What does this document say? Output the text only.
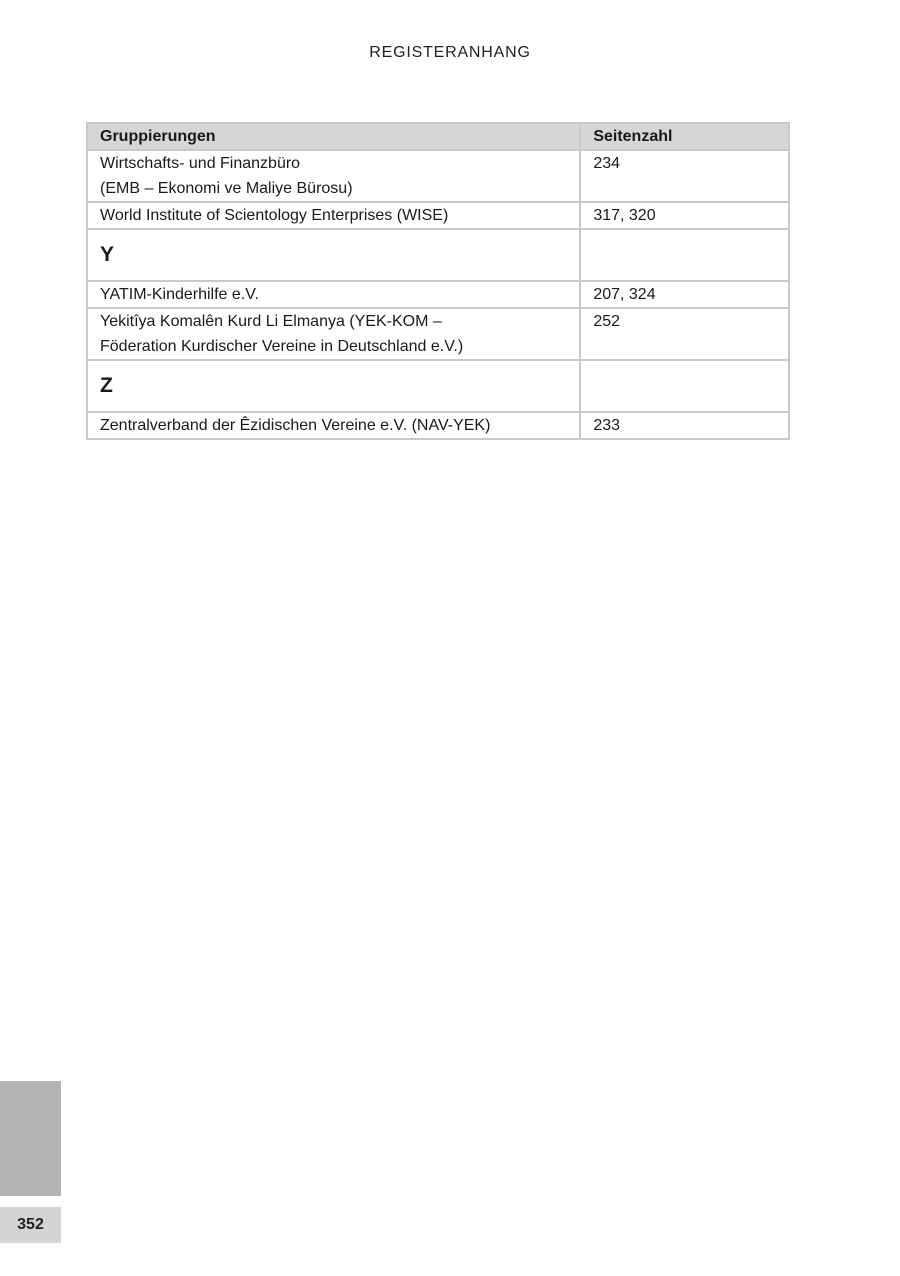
REGISTERANHANG
Gruppierungen	Seitenzahl
Wirtschafts- und Finanzbüro
(EMB – Ekonomi ve Maliye Bürosu)	234
World Institute of Scientology Enterprises (WISE)	317, 320
Y	
YATIM-Kinderhilfe e.V.	207, 324
Yekitîya Komalên Kurd Li Elmanya (YEK-KOM –
Föderation Kurdischer Vereine in Deutschland e.V.)	252
Z	
Zentralverband der Êzidischen Vereine e.V. (NAV-YEK)	233
352
